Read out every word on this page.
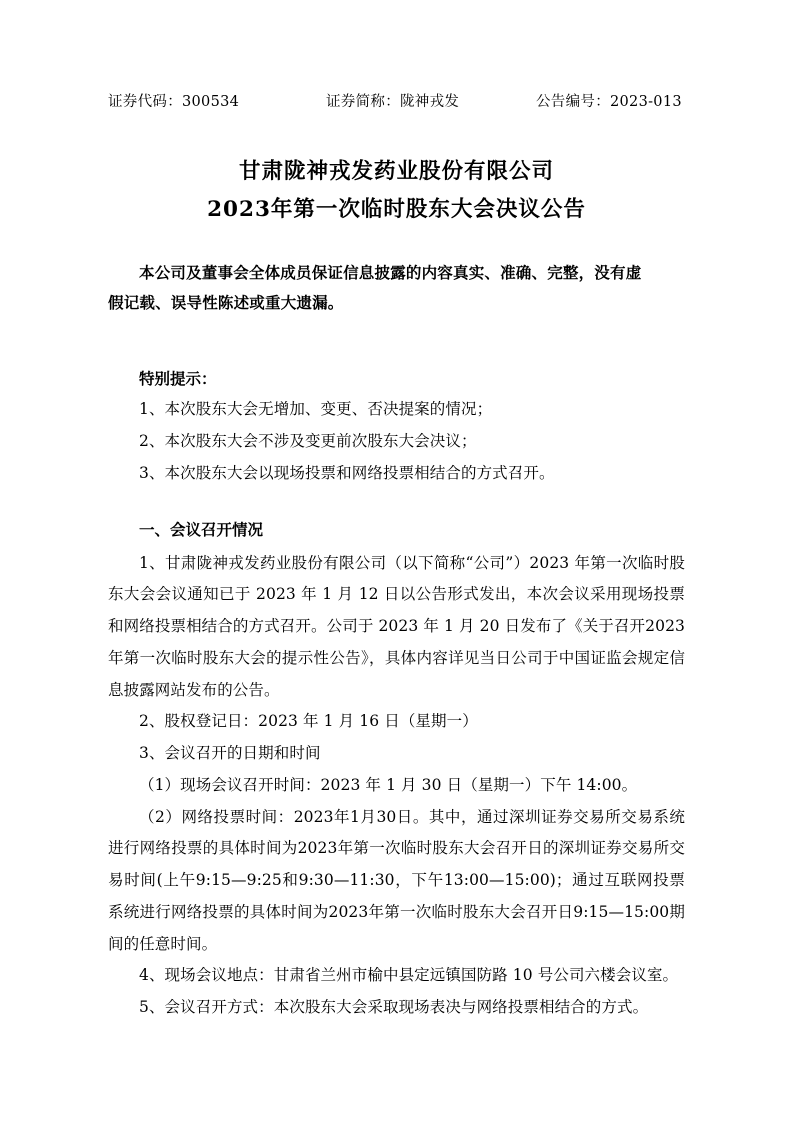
证券代码：300534	证券简称：陇神戎发	公告编号：2023-013
甘肃陇神戎发药业股份有限公司
2023年第一次临时股东大会决议公告
本公司及董事会全体成员保证信息披露的内容真实、准确、完整，没有虚
假记载、误导性陈述或重大遗漏。
特别提示：
1、本次股东大会无增加、变更、否决提案的情况；
2、本次股东大会不涉及变更前次股东大会决议；
3、本次股东大会以现场投票和网络投票相结合的方式召开。
一、会议召开情况
1、甘肃陇神戎发药业股份有限公司（以下简称“公司”）2023 年第一次临时股东大会会议通知已于 2023 年 1 月 12 日以公告形式发出，本次会议采用现场投票和网络投票相结合的方式召开。公司于 2023 年 1 月 20 日发布了《关于召开2023 年第一次临时股东大会的提示性公告》，具体内容详见当日公司于中国证监会规定信息披露网站发布的公告。
2、股权登记日：2023 年 1 月 16 日（星期一）
3、会议召开的日期和时间
（1）现场会议召开时间：2023 年 1 月 30 日（星期一）下午 14:00。
（2）网络投票时间：2023年1月30日。其中，通过深圳证券交易所交易系统进行网络投票的具体时间为2023年第一次临时股东大会召开日的深圳证券交易所交易时间(上午9:15—9:25和9:30—11:30，下午13:00—15:00)；通过互联网投票系统进行网络投票的具体时间为2023年第一次临时股东大会召开日9:15—15:00期间的任意时间。
4、现场会议地点：甘肃省兰州市榆中县定远镇国防路 10 号公司六楼会议室。
5、会议召开方式：本次股东大会采取现场表决与网络投票相结合的方式。
